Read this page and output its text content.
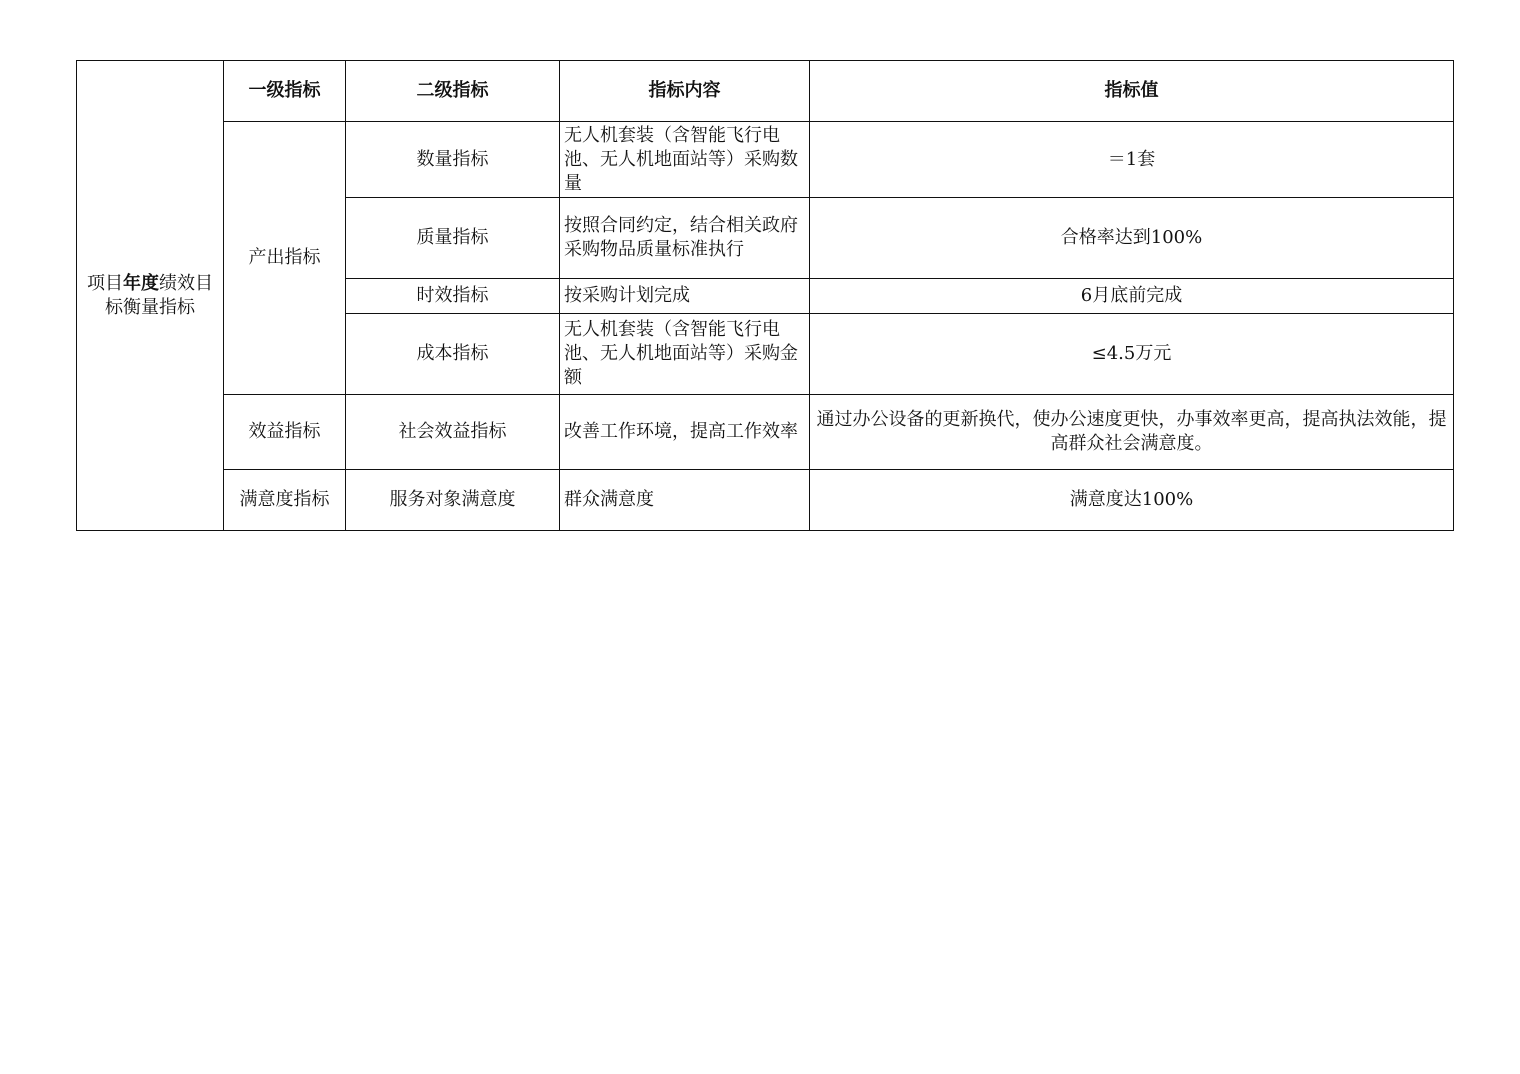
项目年度绩效目标衡量指标	一级指标	二级指标	指标内容	指标值
	产出指标	数量指标	无人机套装（含智能飞行电池、无人机地面站等）采购数量	＝1套
		质量指标	按照合同约定，结合相关政府采购物品质量标准执行	合格率达到100%
		时效指标	按采购计划完成	6月底前完成
		成本指标	无人机套装（含智能飞行电池、无人机地面站等）采购金额	≤4.5万元
	效益指标	社会效益指标	改善工作环境，提高工作效率	通过办公设备的更新换代，使办公速度更快，办事效率更高，提高执法效能，提高群众社会满意度。
	满意度指标	服务对象满意度	群众满意度	满意度达100%
